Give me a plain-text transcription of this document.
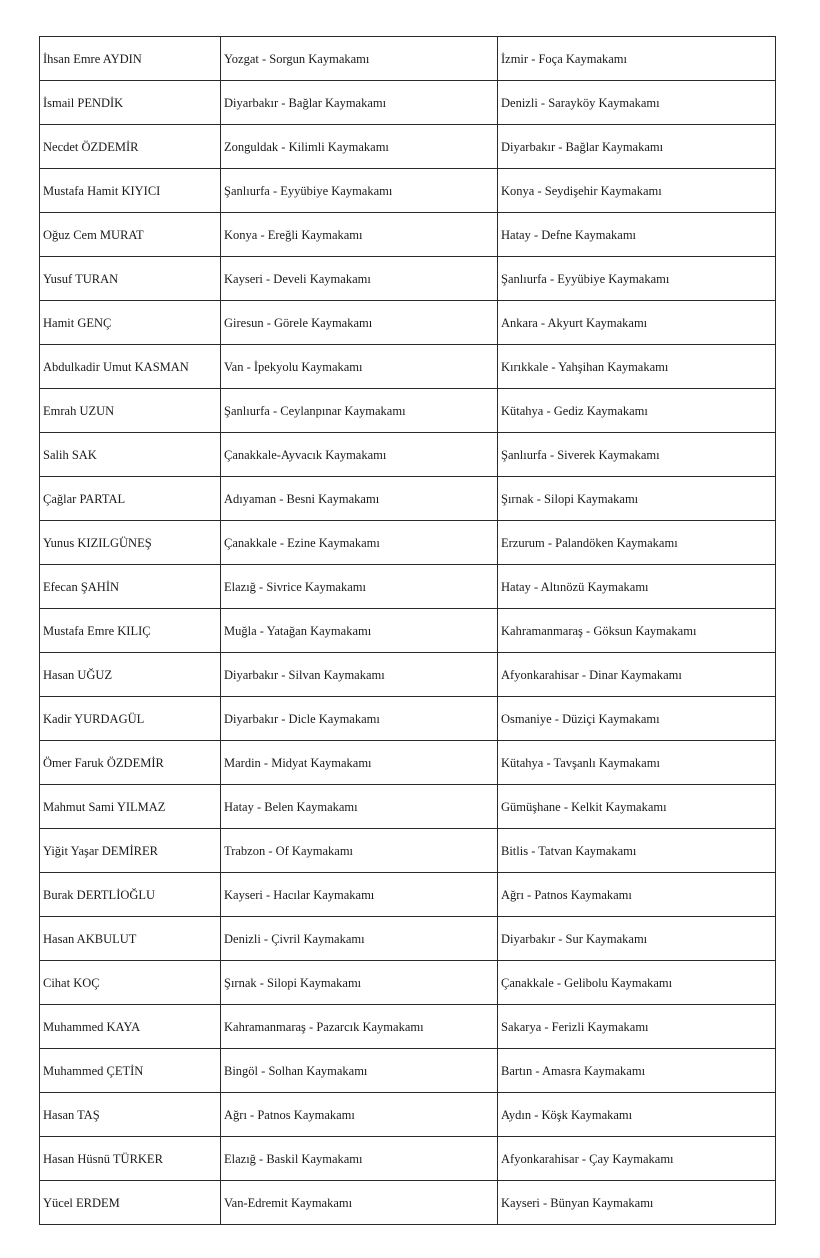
İhsan Emre AYDIN	Yozgat - Sorgun Kaymakamı	İzmir - Foça Kaymakamı
İsmail PENDİK	Diyarbakır - Bağlar Kaymakamı	Denizli - Sarayköy Kaymakamı
Necdet ÖZDEMİR	Zonguldak - Kilimli Kaymakamı	Diyarbakır - Bağlar Kaymakamı
Mustafa Hamit KIYICI	Şanlıurfa - Eyyübiye Kaymakamı	Konya - Seydişehir Kaymakamı
Oğuz Cem MURAT	Konya - Ereğli Kaymakamı	Hatay - Defne Kaymakamı
Yusuf TURAN	Kayseri - Develi Kaymakamı	Şanlıurfa - Eyyübiye Kaymakamı
Hamit GENÇ	Giresun - Görele Kaymakamı	Ankara - Akyurt Kaymakamı
Abdulkadir Umut KASMAN	Van - İpekyolu Kaymakamı	Kırıkkale - Yahşihan Kaymakamı
Emrah UZUN	Şanlıurfa - Ceylanpınar Kaymakamı	Kütahya - Gediz Kaymakamı
Salih SAK	Çanakkale-Ayvacık Kaymakamı	Şanlıurfa - Siverek Kaymakamı
Çağlar PARTAL	Adıyaman - Besni Kaymakamı	Şırnak - Silopi Kaymakamı
Yunus KIZILGÜNEŞ	Çanakkale - Ezine Kaymakamı	Erzurum - Palandöken Kaymakamı
Efecan ŞAHİN	Elazığ - Sivrice Kaymakamı	Hatay - Altınözü Kaymakamı
Mustafa Emre KILIÇ	Muğla - Yatağan Kaymakamı	Kahramanmaraş - Göksun Kaymakamı
Hasan UĞUZ	Diyarbakır - Silvan Kaymakamı	Afyonkarahisar - Dinar Kaymakamı
Kadir YURDAGÜL	Diyarbakır - Dicle Kaymakamı	Osmaniye - Düziçi Kaymakamı
Ömer Faruk ÖZDEMİR	Mardin - Midyat Kaymakamı	Kütahya - Tavşanlı Kaymakamı
Mahmut Sami YILMAZ	Hatay - Belen Kaymakamı	Gümüşhane - Kelkit Kaymakamı
Yiğit Yaşar DEMİRER	Trabzon - Of Kaymakamı	Bitlis - Tatvan Kaymakamı
Burak DERTLİOĞLU	Kayseri - Hacılar Kaymakamı	Ağrı - Patnos Kaymakamı
Hasan AKBULUT	Denizli - Çivril Kaymakamı	Diyarbakır - Sur Kaymakamı
Cihat KOÇ	Şırnak - Silopi Kaymakamı	Çanakkale - Gelibolu Kaymakamı
Muhammed KAYA	Kahramanmaraş - Pazarcık Kaymakamı	Sakarya - Ferizli Kaymakamı
Muhammed ÇETİN	Bingöl - Solhan Kaymakamı	Bartın - Amasra Kaymakamı
Hasan TAŞ	Ağrı - Patnos Kaymakamı	Aydın - Köşk Kaymakamı
Hasan Hüsnü TÜRKER	Elazığ - Baskil Kaymakamı	Afyonkarahisar - Çay Kaymakamı
Yücel ERDEM	Van-Edremit Kaymakamı	Kayseri - Bünyan Kaymakamı
